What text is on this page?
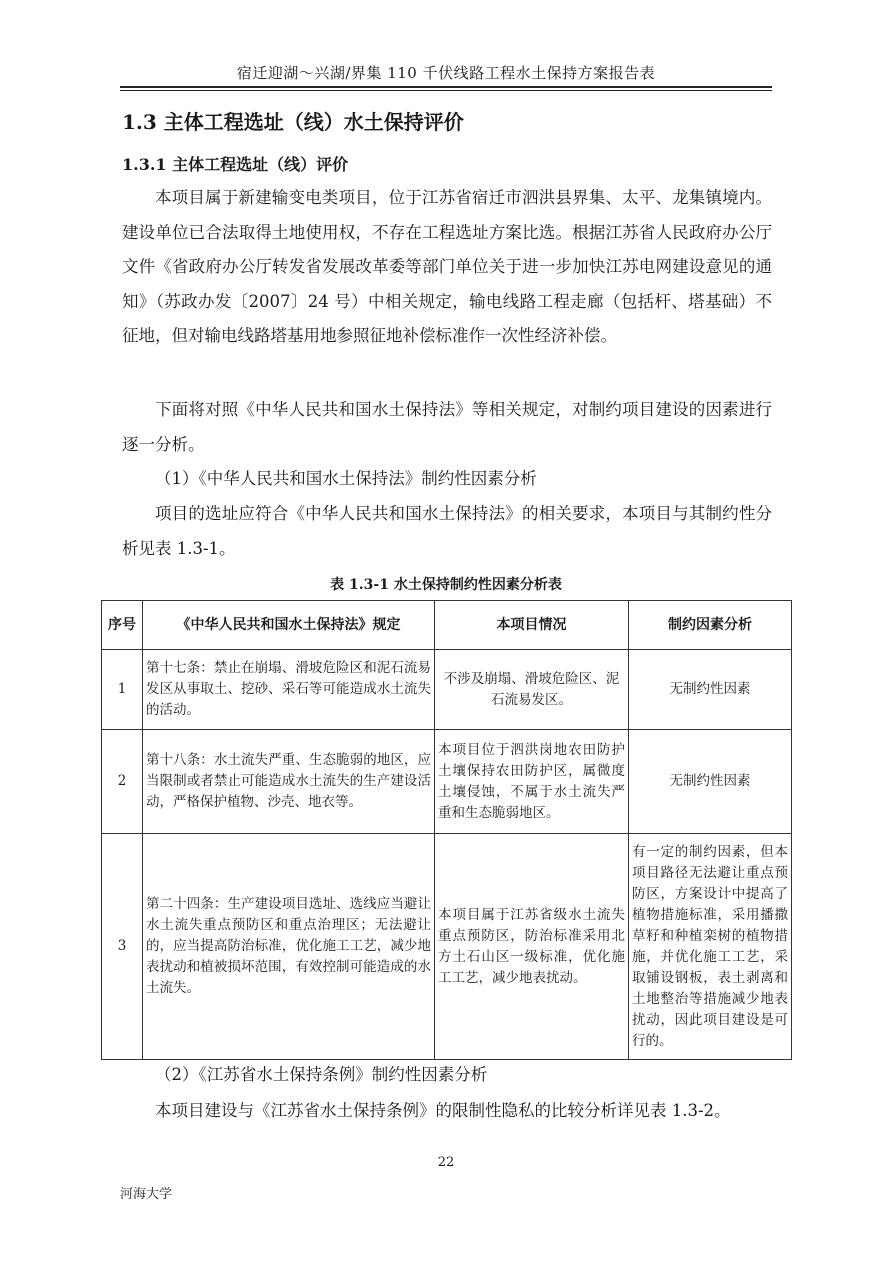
宿迁迎湖～兴湖/界集 110 千伏线路工程水土保持方案报告表
1.3 主体工程选址（线）水土保持评价
1.3.1 主体工程选址（线）评价

本项目属于新建输变电类项目，位于江苏省宿迁市泗洪县界集、太平、龙集镇境内。建设单位已合法取得土地使用权，不存在工程选址方案比选。根据江苏省人民政府办公厅文件《省政府办公厅转发省发展改革委等部门单位关于进一步加快江苏电网建设意见的通知》（苏政办发〔2007〕24 号）中相关规定，输电线路工程走廊（包括杆、塔基础）不征地，但对输电线路塔基用地参照征地补偿标准作一次性经济补偿。

下面将对照《中华人民共和国水土保持法》等相关规定，对制约项目建设的因素进行逐一分析。

（1）《中华人民共和国水土保持法》制约性因素分析

项目的选址应符合《中华人民共和国水土保持法》的相关要求，本项目与其制约性分析见表 1.3-1。

表 1.3-1 水土保持制约性因素分析表
序号	《中华人民共和国水土保持法》规定	本项目情况	制约因素分析
1	第十七条：禁止在崩塌、滑坡危险区和泥石流易发区从事取土、挖砂、采石等可能造成水土流失的活动。	不涉及崩塌、滑坡危险区、泥石流易发区。	无制约性因素
2	第十八条：水土流失严重、生态脆弱的地区，应当限制或者禁止可能造成水土流失的生产建设活动，严格保护植物、沙壳、地衣等。	本项目位于泗洪岗地农田防护土壤保持农田防护区，属微度土壤侵蚀，不属于水土流失严重和生态脆弱地区。	无制约性因素
3	第二十四条：生产建设项目选址、选线应当避让水土流失重点预防区和重点治理区；无法避让的，应当提高防治标准，优化施工工艺，减少地表扰动和植被损坏范围，有效控制可能造成的水土流失。	本项目属于江苏省级水土流失重点预防区，防治标准采用北方土石山区一级标准，优化施工工艺，减少地表扰动。	有一定的制约因素，但本项目路径无法避让重点预防区，方案设计中提高了植物措施标准，采用播撒草籽和种植栾树的植物措施，并优化施工工艺，采取铺设钢板，表土剥离和土地整治等措施减少地表扰动，因此项目建设是可行的。

（2）《江苏省水土保持条例》制约性因素分析

本项目建设与《江苏省水土保持条例》的限制性隐私的比较分析详见表 1.3-2。

22
河海大学
